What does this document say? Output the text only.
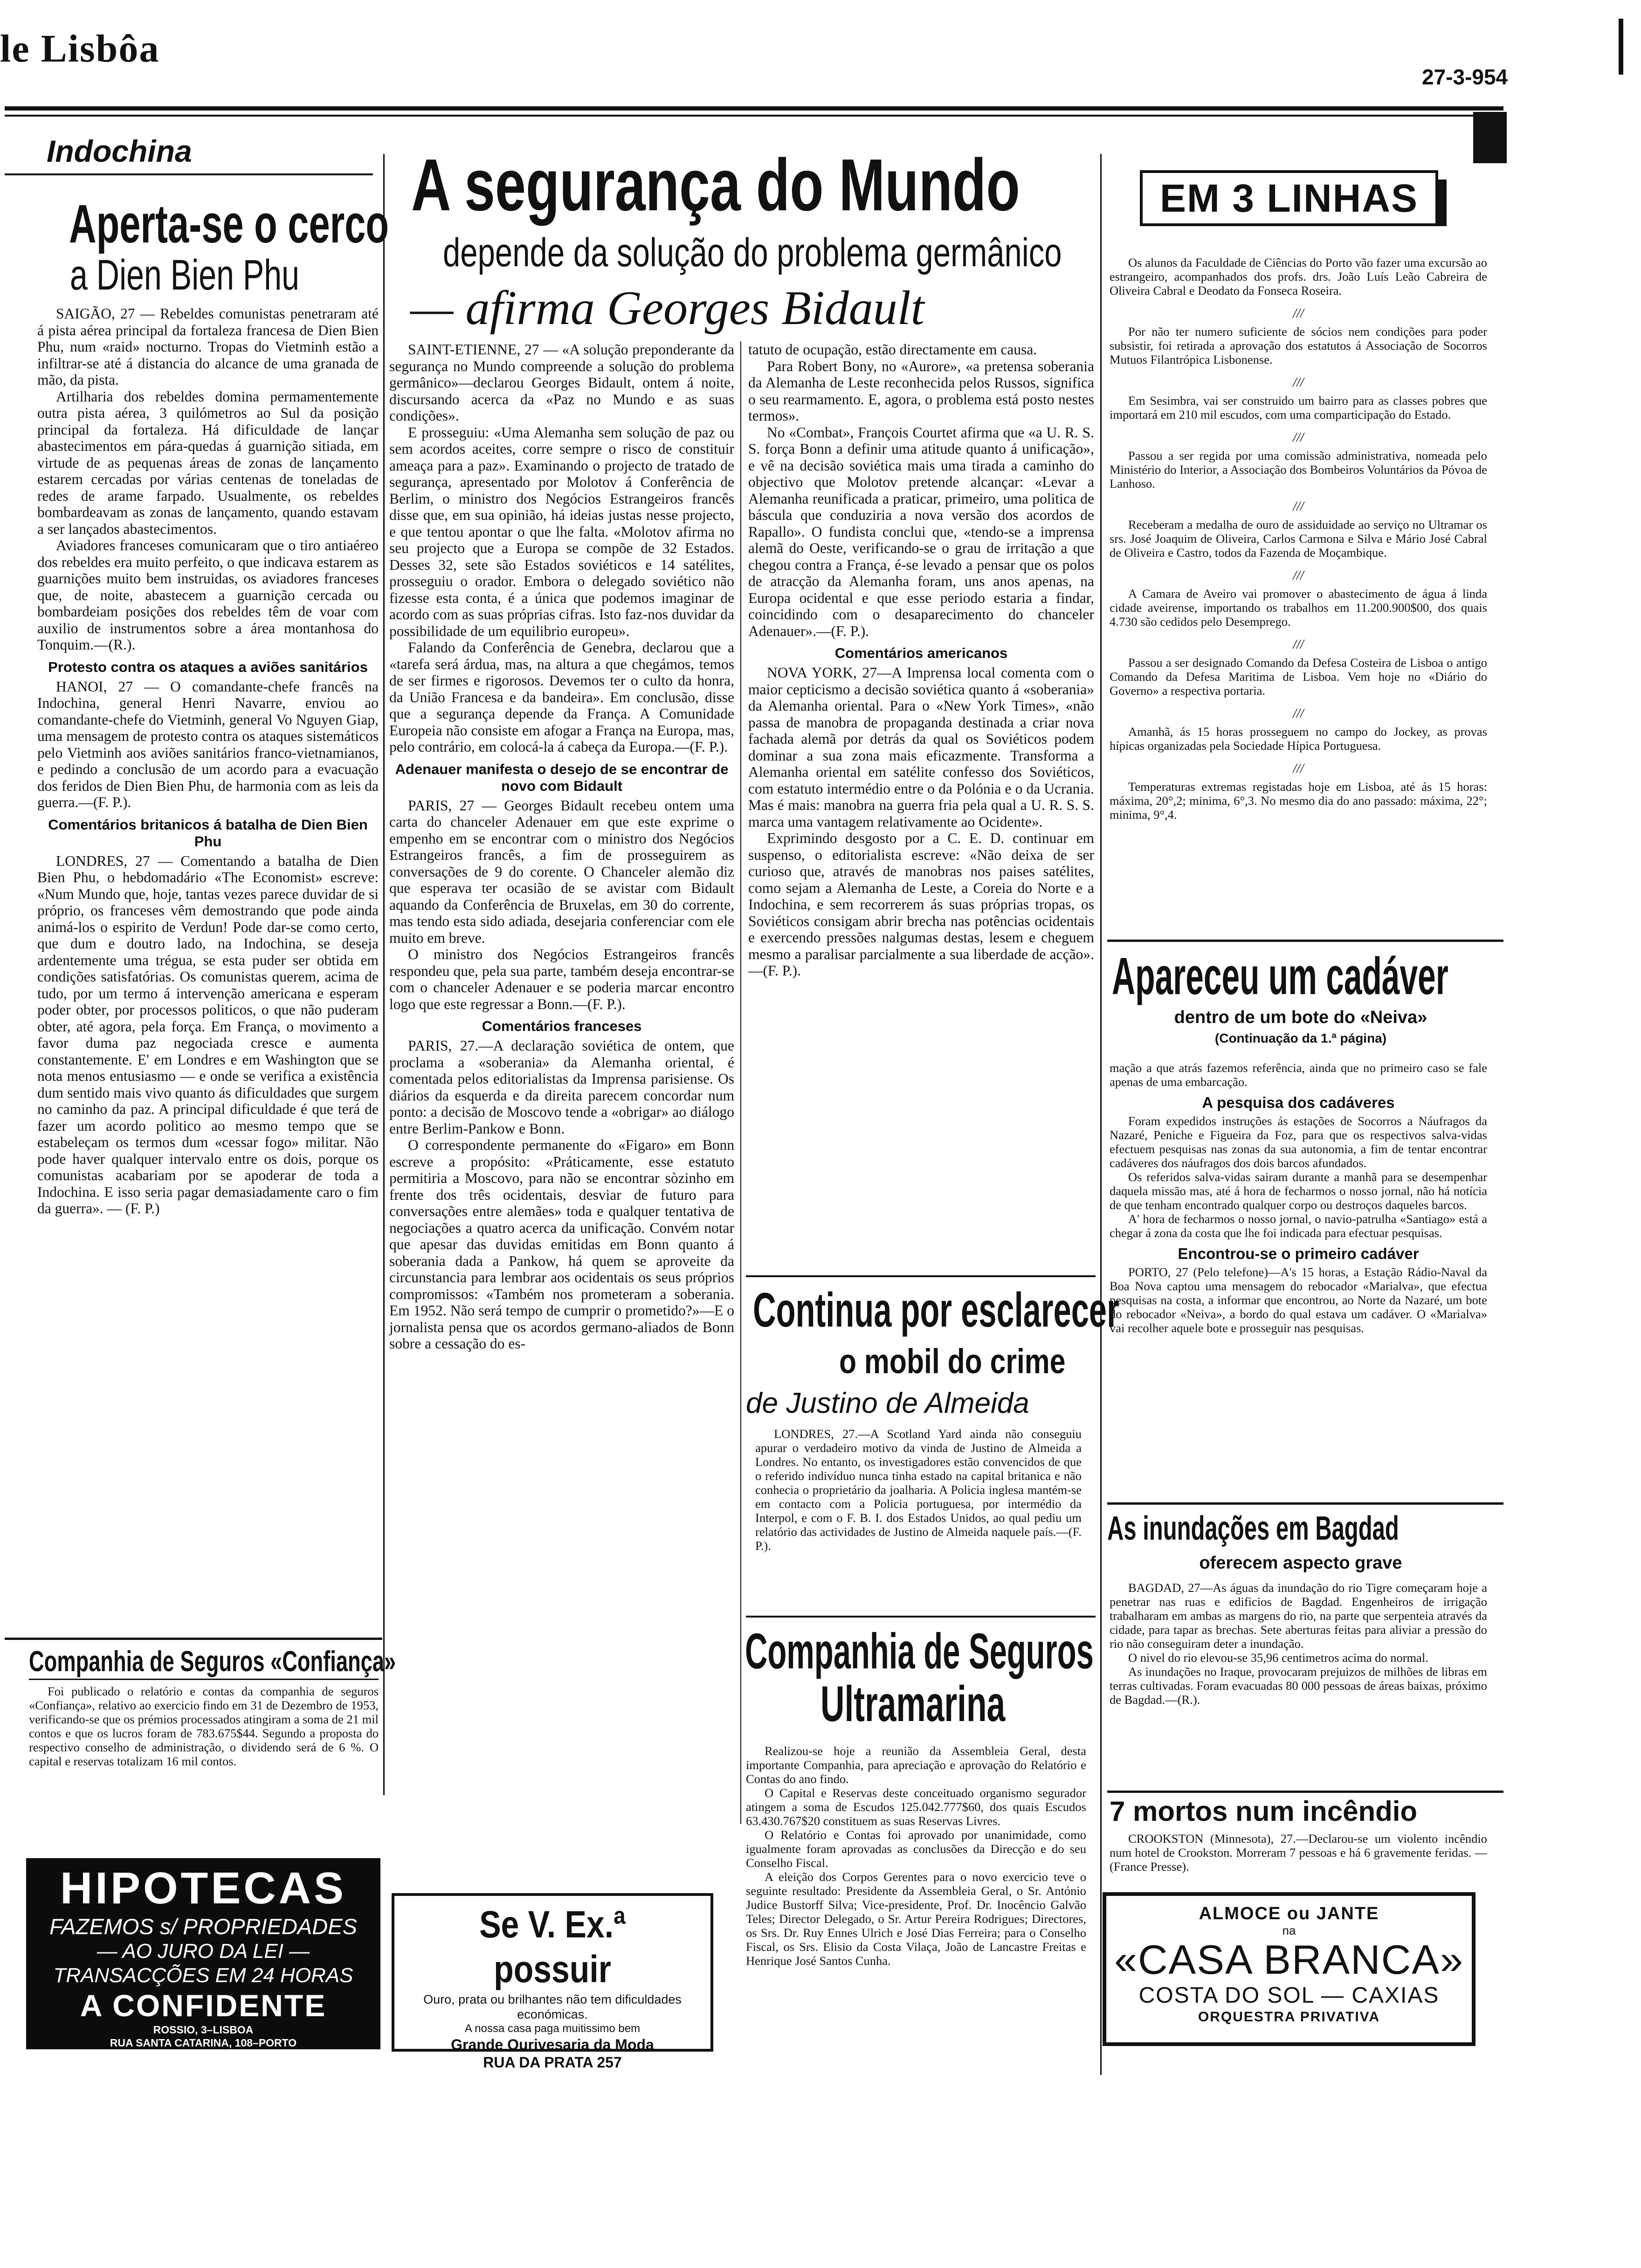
le Lisbôa
27-3-954
Indochina
Aperta-se o cerco
a Dien Bien Phu

SAIGÃO, 27 — Rebeldes comunistas penetraram até á pista aérea principal da fortaleza francesa de Dien Bien Phu, num «raid» nocturno. Tropas do Vietminh estão a infiltrar-se até á distancia do alcance de uma granada de mão, da pista.

Artilharia dos rebeldes domina permamentemente outra pista aérea, 3 quilómetros ao Sul da posição principal da fortaleza. Há dificuldade de lançar abastecimentos em pára-quedas á guarnição sitiada, em virtude de as pequenas áreas de zonas de lançamento estarem cercadas por várias centenas de toneladas de redes de arame farpado. Usualmente, os rebeldes bombardeavam as zonas de lançamento, quando estavam a ser lançados abastecimentos.

Aviadores franceses comunicaram que o tiro antiaéreo dos rebeldes era muito perfeito, o que indicava estarem as guarnições muito bem instruidas, os aviadores franceses que, de noite, abastecem a guarnição cercada ou bombardeiam posições dos rebeldes têm de voar com auxilio de instrumentos sobre a área montanhosa do Tonquim.—(R.).

Protesto contra os ataques a aviões sanitários

HANOI, 27 — O comandante-chefe francês na Indochina, general Henri Navarre, enviou ao comandante-chefe do Vietminh, general Vo Nguyen Giap, uma mensagem de protesto contra os ataques sistemáticos pelo Vietminh aos aviões sanitários franco-vietnamianos, e pedindo a conclusão de um acordo para a evacuação dos feridos de Dien Bien Phu, de harmonia com as leis da guerra.—(F. P.).

Comentários britanicos á batalha de Dien Bien Phu

LONDRES, 27 — Comentando a batalha de Dien Bien Phu, o hebdomadário «The Economist» escreve: «Num Mundo que, hoje, tantas vezes parece duvidar de si próprio, os franceses vêm demostrando que pode ainda animá-los o espirito de Verdun! Pode dar-se como certo, que dum e doutro lado, na Indochina, se deseja ardentemente uma trégua, se esta puder ser obtida em condições satisfatórias. Os comunistas querem, acima de tudo, por um termo á intervenção americana e esperam poder obter, por processos politicos, o que não puderam obter, até agora, pela força. Em França, o movimento a favor duma paz negociada cresce e aumenta constantemente. E' em Londres e em Washington que se nota menos entusiasmo — e onde se verifica a existência dum sentido mais vivo quanto ás dificuldades que surgem no caminho da paz. A principal dificuldade é que terá de fazer um acordo politico ao mesmo tempo que se estabeleçam os termos dum «cessar fogo» militar. Não pode haver qualquer intervalo entre os dois, porque os comunistas acabariam por se apoderar de toda a Indochina. E isso seria pagar demasiadamente caro o fim da guerra». — (F. P.)

Companhia de Seguros «Confiança»

Foi publicado o relatório e contas da companhia de seguros «Confiança», relativo ao exercicio findo em 31 de Dezembro de 1953, verificando-se que os prémios processados atingiram a soma de 21 mil contos e que os lucros foram de 783.675$44. Segundo a proposta do respectivo conselho de administração, o dividendo será de 6 %. O capital e reservas totalizam 16 mil contos.

HIPOTECAS
FAZEMOS s/ PROPRIEDADES
— AO JURO DA LEI —
TRANSACÇÕES EM 24 HORAS
A CONFIDENTE
ROSSIO, 3–LISBOA
RUA SANTA CATARINA, 108–PORTO
A segurança do Mundo
depende da solução do problema germânico
— afirma Georges Bidault

SAINT-ETIENNE, 27 — «A solução preponderante da segurança no Mundo compreende a solução do problema germânico»—declarou Georges Bidault, ontem á noite, discursando acerca da «Paz no Mundo e as suas condições».

E prosseguiu: «Uma Alemanha sem solução de paz ou sem acordos aceites, corre sempre o risco de constituir ameaça para a paz». Examinando o projecto de tratado de segurança, apresentado por Molotov á Conferência de Berlim, o ministro dos Negócios Estrangeiros francês disse que, em sua opinião, há ideias justas nesse projecto, e que tentou apontar o que lhe falta. «Molotov afirma no seu projecto que a Europa se compõe de 32 Estados. Desses 32, sete são Estados soviéticos e 14 satélites, prosseguiu o orador. Embora o delegado soviético não fizesse esta conta, é a única que podemos imaginar de acordo com as suas próprias cifras. Isto faz-nos duvidar da possibilidade de um equilibrio europeu».

Falando da Conferência de Genebra, declarou que a «tarefa será árdua, mas, na altura a que chegámos, temos de ser firmes e rigorosos. Devemos ter o culto da honra, da União Francesa e da bandeira». Em conclusão, disse que a segurança depende da França. A Comunidade Europeia não consiste em afogar a França na Europa, mas, pelo contrário, em colocá-la á cabeça da Europa.—(F. P.).

Adenauer manifesta o desejo de se encontrar de novo com Bidault

PARIS, 27 — Georges Bidault recebeu ontem uma carta do chanceler Adenauer em que este exprime o empenho em se encontrar com o ministro dos Negócios Estrangeiros francês, a fim de prosseguirem as conversações de 9 do corente. O Chanceler alemão diz que esperava ter ocasião de se avistar com Bidault aquando da Conferência de Bruxelas, em 30 do corrente, mas tendo esta sido adiada, desejaria conferenciar com ele muito em breve.

O ministro dos Negócios Estrangeiros francês respondeu que, pela sua parte, também deseja encontrar-se com o chanceler Adenauer e se poderia marcar encontro logo que este regressar a Bonn.—(F. P.).

Comentários franceses

PARIS, 27.—A declaração soviética de ontem, que proclama a «soberania» da Alemanha oriental, é comentada pelos editorialistas da Imprensa parisiense. Os diários da esquerda e da direita parecem concordar num ponto: a decisão de Moscovo tende a «obrigar» ao diálogo entre Berlim-Pankow e Bonn.

O correspondente permanente do «Figaro» em Bonn escreve a propósito: «Práticamente, esse estatuto permitiria a Moscovo, para não se encontrar sòzinho em frente dos três ocidentais, desviar de futuro para conversações entre alemães» toda e qualquer tentativa de negociações a quatro acerca da unificação. Convém notar que apesar das duvidas emitidas em Bonn quanto á soberania dada a Pankow, há quem se aproveite da circunstancia para lembrar aos ocidentais os seus próprios compromissos: «Também nos prometeram a soberania. Em 1952. Não será tempo de cumprir o prometido?»—E o jornalista pensa que os acordos germano-aliados de Bonn sobre a cessação do es-

tatuto de ocupação, estão directamente em causa.

Para Robert Bony, no «Aurore», «a pretensa soberania da Alemanha de Leste reconhecida pelos Russos, significa o seu rearmamento. E, agora, o problema está posto nestes termos».

No «Combat», François Courtet afirma que «a U. R. S. S. força Bonn a definir uma atitude quanto á unificação», e vê na decisão soviética mais uma tirada a caminho do objectivo que Molotov pretende alcançar: «Levar a Alemanha reunificada a praticar, primeiro, uma politica de báscula que conduziria a nova versão dos acordos de Rapallo». O fundista conclui que, «tendo-se a imprensa alemã do Oeste, verificando-se o grau de irritação a que chegou contra a França, é-se levado a pensar que os polos de atracção da Alemanha foram, uns anos apenas, na Europa ocidental e que esse periodo estaria a findar, coincidindo com o desaparecimento do chanceler Adenauer».—(F. P.).

Comentários americanos

NOVA YORK, 27—A Imprensa local comenta com o maior cepticismo a decisão soviética quanto á «soberania» da Alemanha oriental. Para o «New York Times», «não passa de manobra de propaganda destinada a criar nova fachada alemã por detrás da qual os Soviéticos podem dominar a sua zona mais eficazmente. Transforma a Alemanha oriental em satélite confesso dos Soviéticos, com estatuto intermédio entre o da Polónia e o da Ucrania. Mas é mais: manobra na guerra fria pela qual a U. R. S. S. marca uma vantagem relativamente ao Ocidente».

Exprimindo desgosto por a C. E. D. continuar em suspenso, o editorialista escreve: «Não deixa de ser curioso que, através de manobras nos paises satélites, como sejam a Alemanha de Leste, a Coreia do Norte e a Indochina, e sem recorrerem ás suas próprias tropas, os Soviéticos consigam abrir brecha nas potências ocidentais e exercendo pressões nalgumas destas, lesem e cheguem mesmo a paralisar parcialmente a sua liberdade de acção».—(F. P.).

Continua por esclarecer
o mobil do crime
de Justino de Almeida

LONDRES, 27.—A Scotland Yard ainda não conseguiu apurar o verdadeiro motivo da vinda de Justino de Almeida a Londres. No entanto, os investigadores estão convencidos de que o referido indivíduo nunca tinha estado na capital britanica e não conhecia o proprietário da joalharia. A Policia inglesa mantém-se em contacto com a Policia portuguesa, por intermédio da Interpol, e com o F. B. I. dos Estados Unidos, ao qual pediu um relatório das actividades de Justino de Almeida naquele país.—(F. P.).

Companhia de Seguros
Ultramarina

Realizou-se hoje a reunião da Assembleia Geral, desta importante Companhia, para apreciação e aprovação do Relatório e Contas do ano findo.

O Capital e Reservas deste conceituado organismo segurador atingem a soma de Escudos 125.042.777$60, dos quais Escudos 63.430.767$20 constituem as suas Reservas Livres.

O Relatório e Contas foi aprovado por unanimidade, como igualmente foram aprovadas as conclusões da Direcção e do seu Conselho Fiscal.

A eleição dos Corpos Gerentes para o novo exercicio teve o seguinte resultado: Presidente da Assembleia Geral, o Sr. António Judice Bustorff Silva; Vice-presidente, Prof. Dr. Inocêncio Galvão Teles; Director Delegado, o Sr. Artur Pereira Rodrigues; Directores, os Srs. Dr. Ruy Ennes Ulrich e José Dias Ferreira; para o Conselho Fiscal, os Srs. Elisio da Costa Vilaça, João de Lancastre Freitas e Henrique José Santos Cunha.

Se V. Ex.ª possuir
Ouro, prata ou brilhantes não tem dificuldades económicas.
A nossa casa paga muitissimo bem
Grande Ourivesaria da Moda
RUA DA PRATA 257
EM 3 LINHAS

Os alunos da Faculdade de Ciências do Porto vão fazer uma excursão ao estrangeiro, acompanhados dos profs. drs. João Luís Leão Cabreira de Oliveira Cabral e Deodato da Fonseca Roseira.

///

Por não ter numero suficiente de sócios nem condições para poder subsistir, foi retirada a aprovação dos estatutos á Associação de Socorros Mutuos Filantrópica Lisbonense.

///

Em Sesimbra, vai ser construido um bairro para as classes pobres que importará em 210 mil escudos, com uma comparticipação do Estado.

///

Passou a ser regida por uma comissão administrativa, nomeada pelo Ministério do Interior, a Associação dos Bombeiros Voluntários da Póvoa de Lanhoso.

///

Receberam a medalha de ouro de assiduidade ao serviço no Ultramar os srs. José Joaquim de Oliveira, Carlos Carmona e Silva e Mário José Cabral de Oliveira e Castro, todos da Fazenda de Moçambique.

///

A Camara de Aveiro vai promover o abastecimento de água á linda cidade aveirense, importando os trabalhos em 11.200.900$00, dos quais 4.730 são cedidos pelo Desemprego.

///

Passou a ser designado Comando da Defesa Costeira de Lisboa o antigo Comando da Defesa Maritima de Lisboa. Vem hoje no «Diário do Governo» a respectiva portaria.

///

Amanhã, ás 15 horas prosseguem no campo do Jockey, as provas hípicas organizadas pela Sociedade Hípica Portuguesa.

///

Temperaturas extremas registadas hoje em Lisboa, até ás 15 horas: máxima, 20°,2; minima, 6°,3. No mesmo dia do ano passado: máxima, 22°; minima, 9°,4.

Apareceu um cadáver
dentro de um bote do «Neiva»
(Continuação da 1.ª página)

mação a que atrás fazemos referência, ainda que no primeiro caso se fale apenas de uma embarcação.

A pesquisa dos cadáveres

Foram expedidos instruções ás estações de Socorros a Náufragos da Nazaré, Peniche e Figueira da Foz, para que os respectivos salva-vidas efectuem pesquisas nas zonas da sua autonomia, a fim de tentar encontrar cadáveres dos náufragos dos dois barcos afundados.

Os referidos salva-vidas sairam durante a manhã para se desempenhar daquela missão mas, até á hora de fecharmos o nosso jornal, não há notícia de que tenham encontrado qualquer corpo ou destroços daqueles barcos.

A' hora de fecharmos o nosso jornal, o navio-patrulha «Santiago» está a chegar á zona da costa que lhe foi indicada para efectuar pesquisas.

Encontrou-se o primeiro cadáver

PORTO, 27 (Pelo telefone)—A's 15 horas, a Estação Rádio-Naval da Boa Nova captou uma mensagem do rebocador «Marialva», que efectua pesquisas na costa, a informar que encontrou, ao Norte da Nazaré, um bote do rebocador «Neiva», a bordo do qual estava um cadáver. O «Marialva» vai recolher aquele bote e prosseguir nas pesquisas.

As inundações em Bagdad
oferecem aspecto grave

BAGDAD, 27—As águas da inundação do rio Tigre começaram hoje a penetrar nas ruas e edificios de Bagdad. Engenheiros de irrigação trabalharam em ambas as margens do rio, na parte que serpenteia através da cidade, para tapar as brechas. Sete aberturas feitas para aliviar a pressão do rio não conseguiram deter a inundação.

O nivel do rio elevou-se 35,96 centimetros acima do normal.

As inundações no Iraque, provocaram prejuizos de milhões de libras em terras cultivadas. Foram evacuadas 80 000 pessoas de áreas baixas, próximo de Bagdad.—(R.).

7 mortos num incêndio

CROOKSTON (Minnesota), 27.—Declarou-se um violento incêndio num hotel de Crookston. Morreram 7 pessoas e há 6 gravemente feridas. —(France Presse).

ALMOCE ou JANTE
na
«CASA BRANCA»
COSTA DO SOL — CAXIAS
ORQUESTRA PRIVATIVA
